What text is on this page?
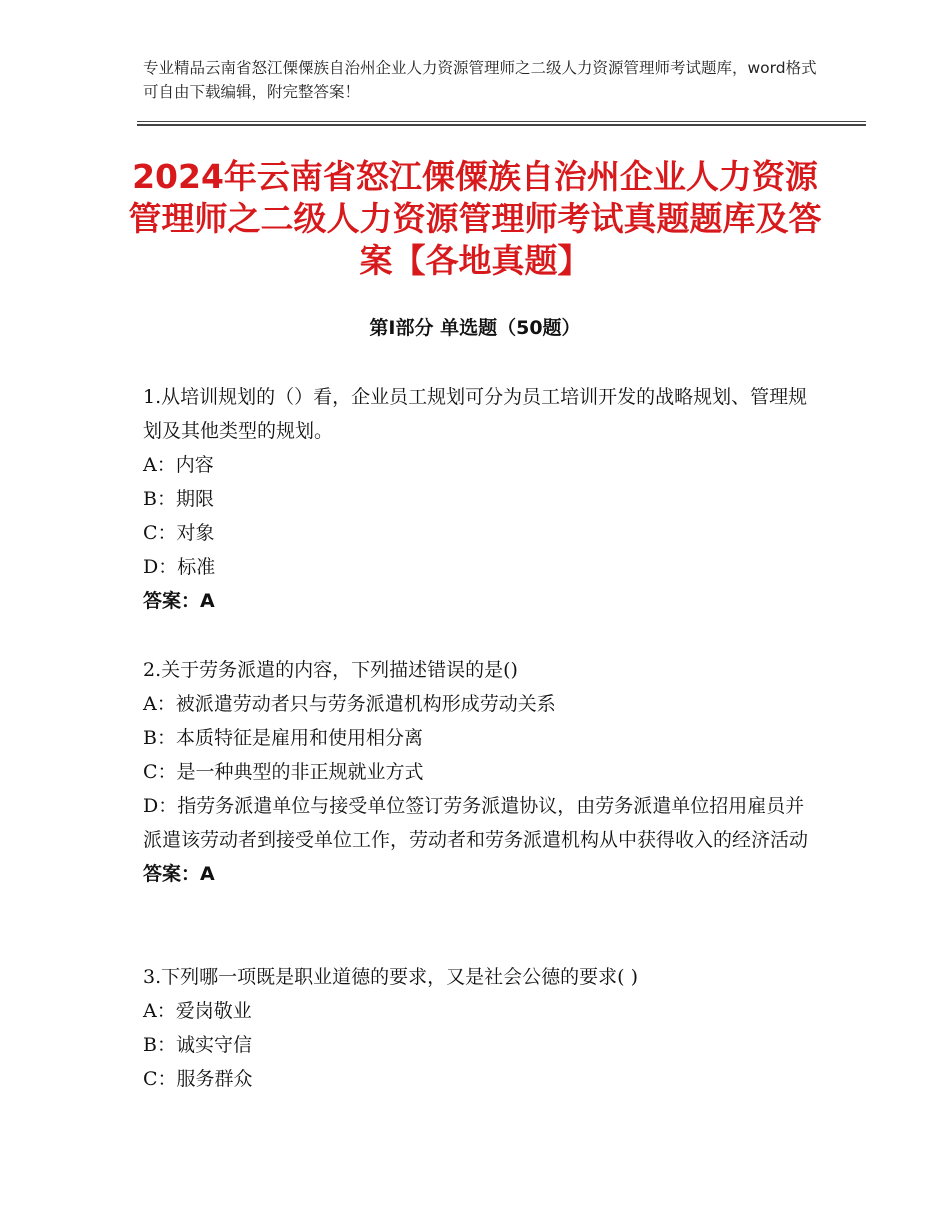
专业精品云南省怒江傈僳族自治州企业人力资源管理师之二级人力资源管理师考试题库，word格式可自由下载编辑，附完整答案！
2024年云南省怒江傈僳族自治州企业人力资源管理师之二级人力资源管理师考试真题题库及答案【各地真题】
第Ⅰ部分 单选题（50题）

1.从培训规划的（）看，企业员工规划可分为员工培训开发的战略规划、管理规划及其他类型的规划。

A：内容

B：期限

C：对象

D：标准

答案：A

2.关于劳务派遣的内容，下列描述错误的是()

A：被派遣劳动者只与劳务派遣机构形成劳动关系

B：本质特征是雇用和使用相分离

C：是一种典型的非正规就业方式

D：指劳务派遣单位与接受单位签订劳务派遣协议，由劳务派遣单位招用雇员并派遣该劳动者到接受单位工作，劳动者和劳务派遣机构从中获得收入的经济活动

答案：A

3.下列哪一项既是职业道德的要求，又是社会公德的要求( )

A：爱岗敬业

B：诚实守信

C：服务群众
